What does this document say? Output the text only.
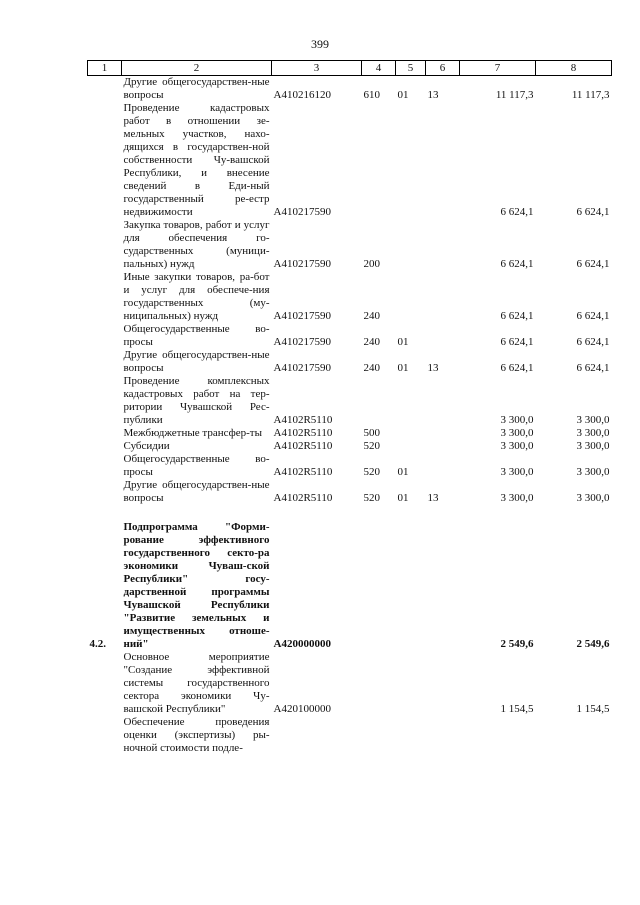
399
1	2	3	4	5	6	7	8
	Другие общегосударствен-ные вопросы	А410216120	610	01	13	11 117,3	11 117,3
	Проведение кадастровых работ в отношении зе-мельных участков, нахо-дящихся в государствен-ной собственности Чу-вашской Республики, и внесение сведений в Еди-ный государственный ре-естр недвижимости	А410217590				6 624,1	6 624,1
	Закупка товаров, работ и услуг для обеспечения го-сударственных (муници-пальных) нужд	А410217590	200			6 624,1	6 624,1
	Иные закупки товаров, ра-бот и услуг для обеспече-ния государственных (му-ниципальных) нужд	А410217590	240			6 624,1	6 624,1
	Общегосударственные во-просы	А410217590	240	01		6 624,1	6 624,1
	Другие общегосударствен-ные вопросы	А410217590	240	01	13	6 624,1	6 624,1
	Проведение комплексных кадастровых работ на тер-ритории Чувашской Рес-публики	А4102R5110				3 300,0	3 300,0
	Межбюджетные трансфер-ты	А4102R5110	500			3 300,0	3 300,0
	Субсидии	А4102R5110	520			3 300,0	3 300,0
	Общегосударственные во-просы	А4102R5110	520	01		3 300,0	3 300,0
	Другие общегосударствен-ные вопросы	А4102R5110	520	01	13	3 300,0	3 300,0

4.2.	Подпрограмма "Форми-рование эффективного государственного секто-ра экономики Чуваш-ской Республики" госу-дарственной программы Чувашской Республики "Развитие земельных и имущественных отноше-ний"	А420000000				2 549,6	2 549,6
	Основное мероприятие "Создание эффективной системы государственного сектора экономики Чу-вашской Республики"	А420100000				1 154,5	1 154,5
	Обеспечение проведения оценки (экспертизы) ры-ночной стоимости подле-						
